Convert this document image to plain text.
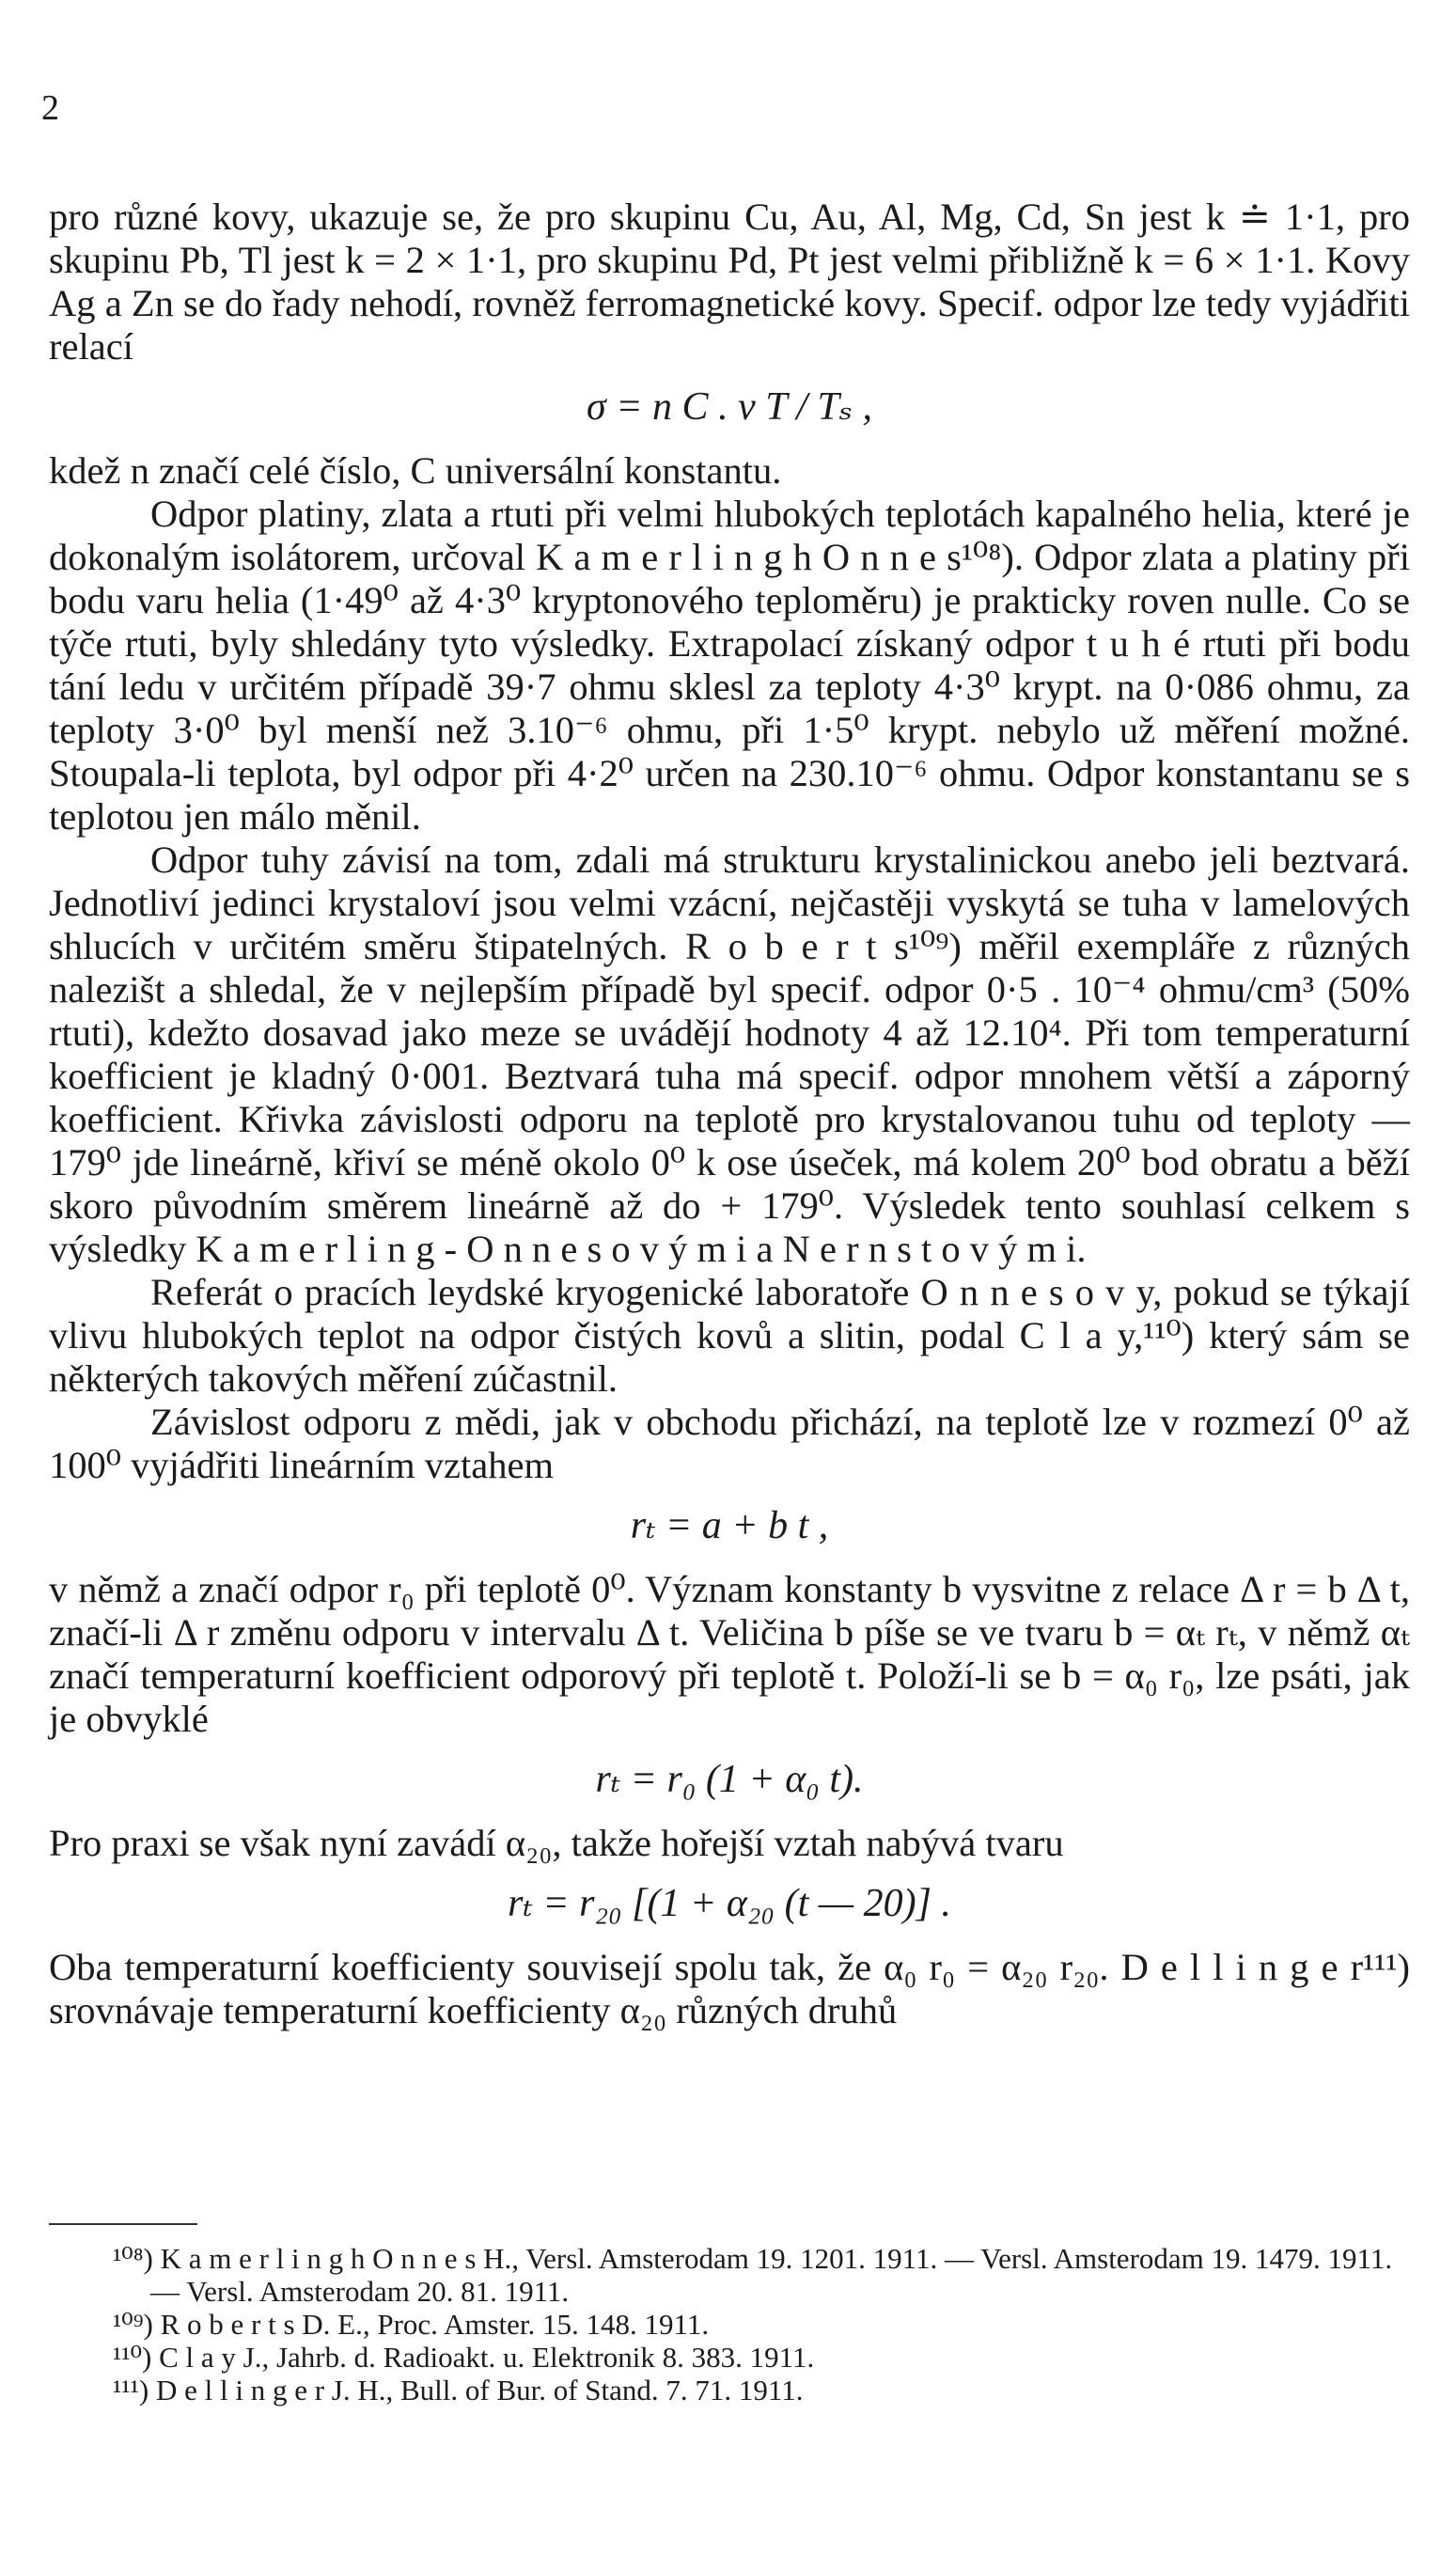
2

pro různé kovy, ukazuje se, že pro skupinu Cu, Au, Al, Mg, Cd, Sn jest k ≐ 1·1, pro skupinu Pb, Tl jest k = 2 × 1·1, pro skupinu Pd, Pt jest velmi přibližně k = 6 × 1·1. Kovy Ag a Zn se do řady nehodí, rovněž ferromagnetické kovy. Specif. odpor lze tedy vyjádřiti relací

σ = n C . v T / Tₛ ,

kdež n značí celé číslo, C universální konstantu.

Odpor platiny, zlata a rtuti při velmi hlubokých teplotách kapalného helia, které je dokonalým isolátorem, určoval K a m e r l i n g h O n n e s¹⁰⁸). Odpor zlata a platiny při bodu varu helia (1·49⁰ až 4·3⁰ kryptonového teploměru) je prakticky roven nulle. Co se týče rtuti, byly shledány tyto výsledky. Extrapolací získaný odpor t u h é rtuti při bodu tání ledu v určitém případě 39·7 ohmu sklesl za teploty 4·3⁰ krypt. na 0·086 ohmu, za teploty 3·0⁰ byl menší než 3.10⁻⁶ ohmu, při 1·5⁰ krypt. nebylo už měření možné. Stoupala-li teplota, byl odpor při 4·2⁰ určen na 230.10⁻⁶ ohmu. Odpor konstantanu se s teplotou jen málo měnil.

Odpor tuhy závisí na tom, zdali má strukturu krystalinickou anebo jeli beztvará. Jednotliví jedinci krystaloví jsou velmi vzácní, nejčastěji vyskytá se tuha v lamelových shlucích v určitém směru štipatelných. R o b e r t s¹⁰⁹) měřil exempláře z různých nalezišt a shledal, že v nejlepším případě byl specif. odpor 0·5 . 10⁻⁴ ohmu/cm³ (50% rtuti), kdežto dosavad jako meze se uvádějí hodnoty 4 až 12.10⁴. Při tom temperaturní koefficient je kladný 0·001. Beztvará tuha má specif. odpor mnohem větší a záporný koefficient. Křivka závislosti odporu na teplotě pro krystalovanou tuhu od teploty — 179⁰ jde lineárně, křiví se méně okolo 0⁰ k ose úseček, má kolem 20⁰ bod obratu a běží skoro původním směrem lineárně až do + 179⁰. Výsledek tento souhlasí celkem s výsledky K a m e r l i n g - O n n e s o v ý m i a N e r n s t o v ý m i.

Referát o pracích leydské kryogenické laboratoře O n n e s o v y, pokud se týkají vlivu hlubokých teplot na odpor čistých kovů a slitin, podal C l a y,¹¹⁰) který sám se některých takových měření zúčastnil.

Závislost odporu z mědi, jak v obchodu přichází, na teplotě lze v rozmezí 0⁰ až 100⁰ vyjádřiti lineárním vztahem

rₜ = a + b t ,

v němž a značí odpor r₀ při teplotě 0⁰. Význam konstanty b vysvitne z relace Δ r = b Δ t, značí-li Δ r změnu odporu v intervalu Δ t. Veličina b píše se ve tvaru b = αₜ rₜ, v němž αₜ značí temperaturní koefficient odporový při teplotě t. Položí-li se b = α₀ r₀, lze psáti, jak je obvyklé

rₜ = r₀ (1 + α₀ t).

Pro praxi se však nyní zavádí α₂₀, takže hořejší vztah nabývá tvaru

rₜ = r₂₀ [(1 + α₂₀ (t — 20)] .

Oba temperaturní koefficienty souvisejí spolu tak, že α₀ r₀ = α₂₀ r₂₀. D e l l i n g e r¹¹¹) srovnávaje temperaturní koefficienty α₂₀ různých druhů

¹⁰⁸) K a m e r l i n g h O n n e s H., Versl. Amsterodam 19. 1201. 1911. — Versl. Amsterodam 19. 1479. 1911. — Versl. Amsterodam 20. 81. 1911.

¹⁰⁹) R o b e r t s D. E., Proc. Amster. 15. 148. 1911.

¹¹⁰) C l a y J., Jahrb. d. Radioakt. u. Elektronik 8. 383. 1911.

¹¹¹) D e l l i n g e r J. H., Bull. of Bur. of Stand. 7. 71. 1911.
